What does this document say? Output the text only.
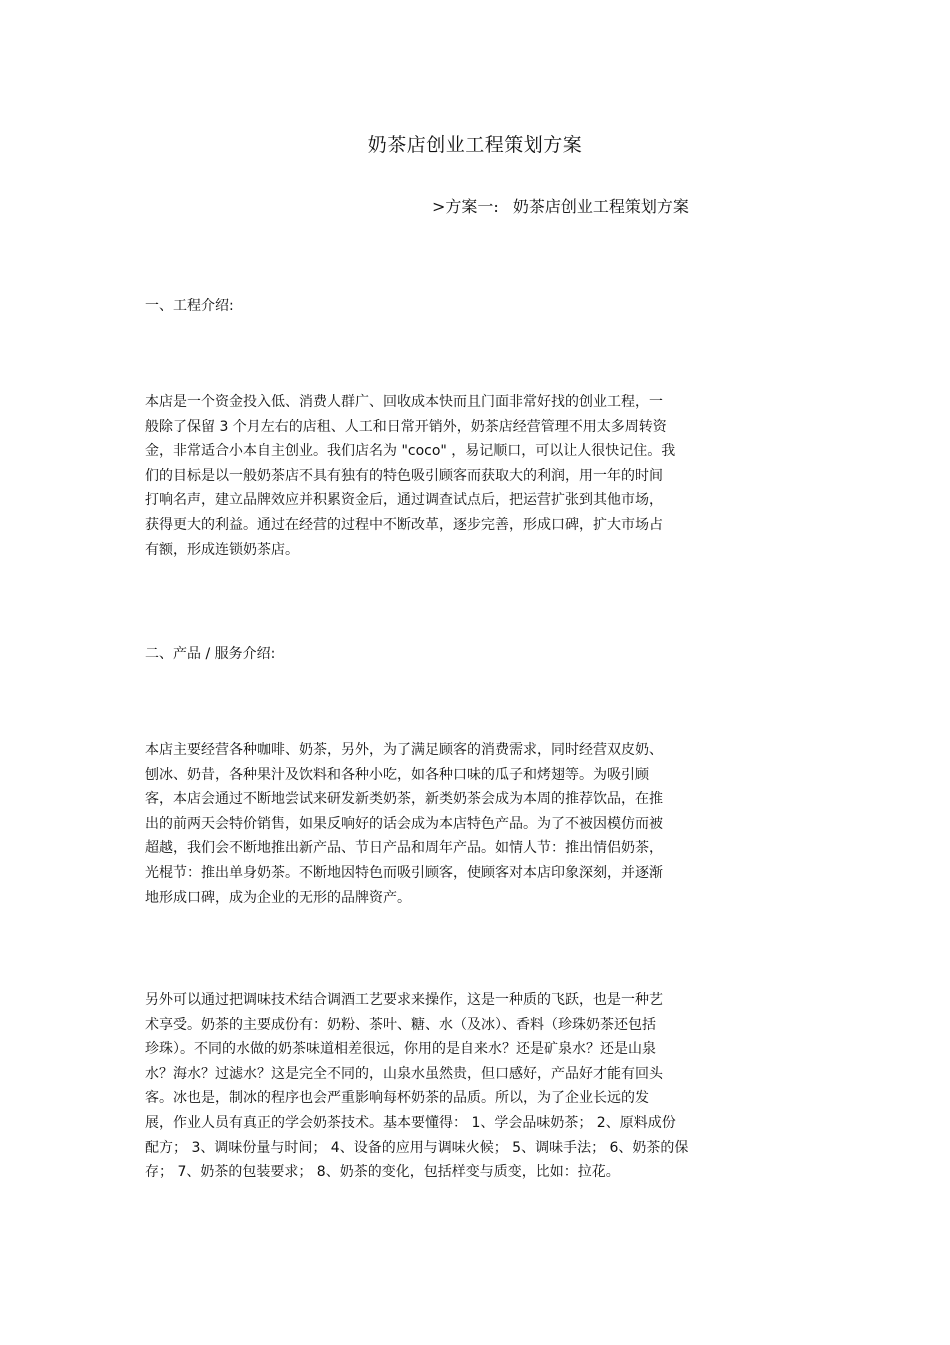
奶茶店创业工程策划方案
>方案一: 奶茶店创业工程策划方案
一、工程介绍:
本店是一个资金投入低、消费人群广、回收成本快而且门面非常好找的创业工程，一
般除了保留 3 个月左右的店租、人工和日常开销外，奶茶店经营管理不用太多周转资
金，非常适合小本自主创业。我们店名为 "coco" ，易记顺口，可以让人很快记住。我
们的目标是以一般奶茶店不具有独有的特色吸引顾客而获取大的利润，用一年的时间
打响名声，建立品牌效应并积累资金后，通过调查试点后，把运营扩张到其他市场，
获得更大的利益。通过在经营的过程中不断改革，逐步完善，形成口碑，扩大市场占
有额，形成连锁奶茶店。
二、产品 / 服务介绍:
本店主要经营各种咖啡、奶茶，另外，为了满足顾客的消费需求，同时经营双皮奶、
刨冰、奶昔，各种果汁及饮料和各种小吃，如各种口味的瓜子和烤翅等。为吸引顾
客，本店会通过不断地尝试来研发新类奶茶，新类奶茶会成为本周的推荐饮品，在推
出的前两天会特价销售，如果反响好的话会成为本店特色产品。为了不被因模仿而被
超越，我们会不断地推出新产品、节日产品和周年产品。如情人节：推出情侣奶茶，
光棍节：推出单身奶茶。不断地因特色而吸引顾客，使顾客对本店印象深刻，并逐渐
地形成口碑，成为企业的无形的品牌资产。
另外可以通过把调味技术结合调酒工艺要求来操作，这是一种质的飞跃，也是一种艺
术享受。奶茶的主要成份有：奶粉、茶叶、糖、水（及冰）、香料（珍珠奶茶还包括
珍珠）。不同的水做的奶茶味道相差很远，你用的是自来水？还是矿泉水？还是山泉
水？海水？过滤水？这是完全不同的，山泉水虽然贵，但口感好，产品好才能有回头
客。冰也是，制冰的程序也会严重影响每杯奶茶的品质。所以，为了企业长远的发
展，作业人员有真正的学会奶茶技术。基本要懂得： 1、学会品味奶茶； 2、原料成份
配方； 3、调味份量与时间； 4、设备的应用与调味火候； 5、调味手法； 6、奶茶的保
存； 7、奶茶的包装要求； 8、奶茶的变化，包括样变与质变，比如：拉花。
